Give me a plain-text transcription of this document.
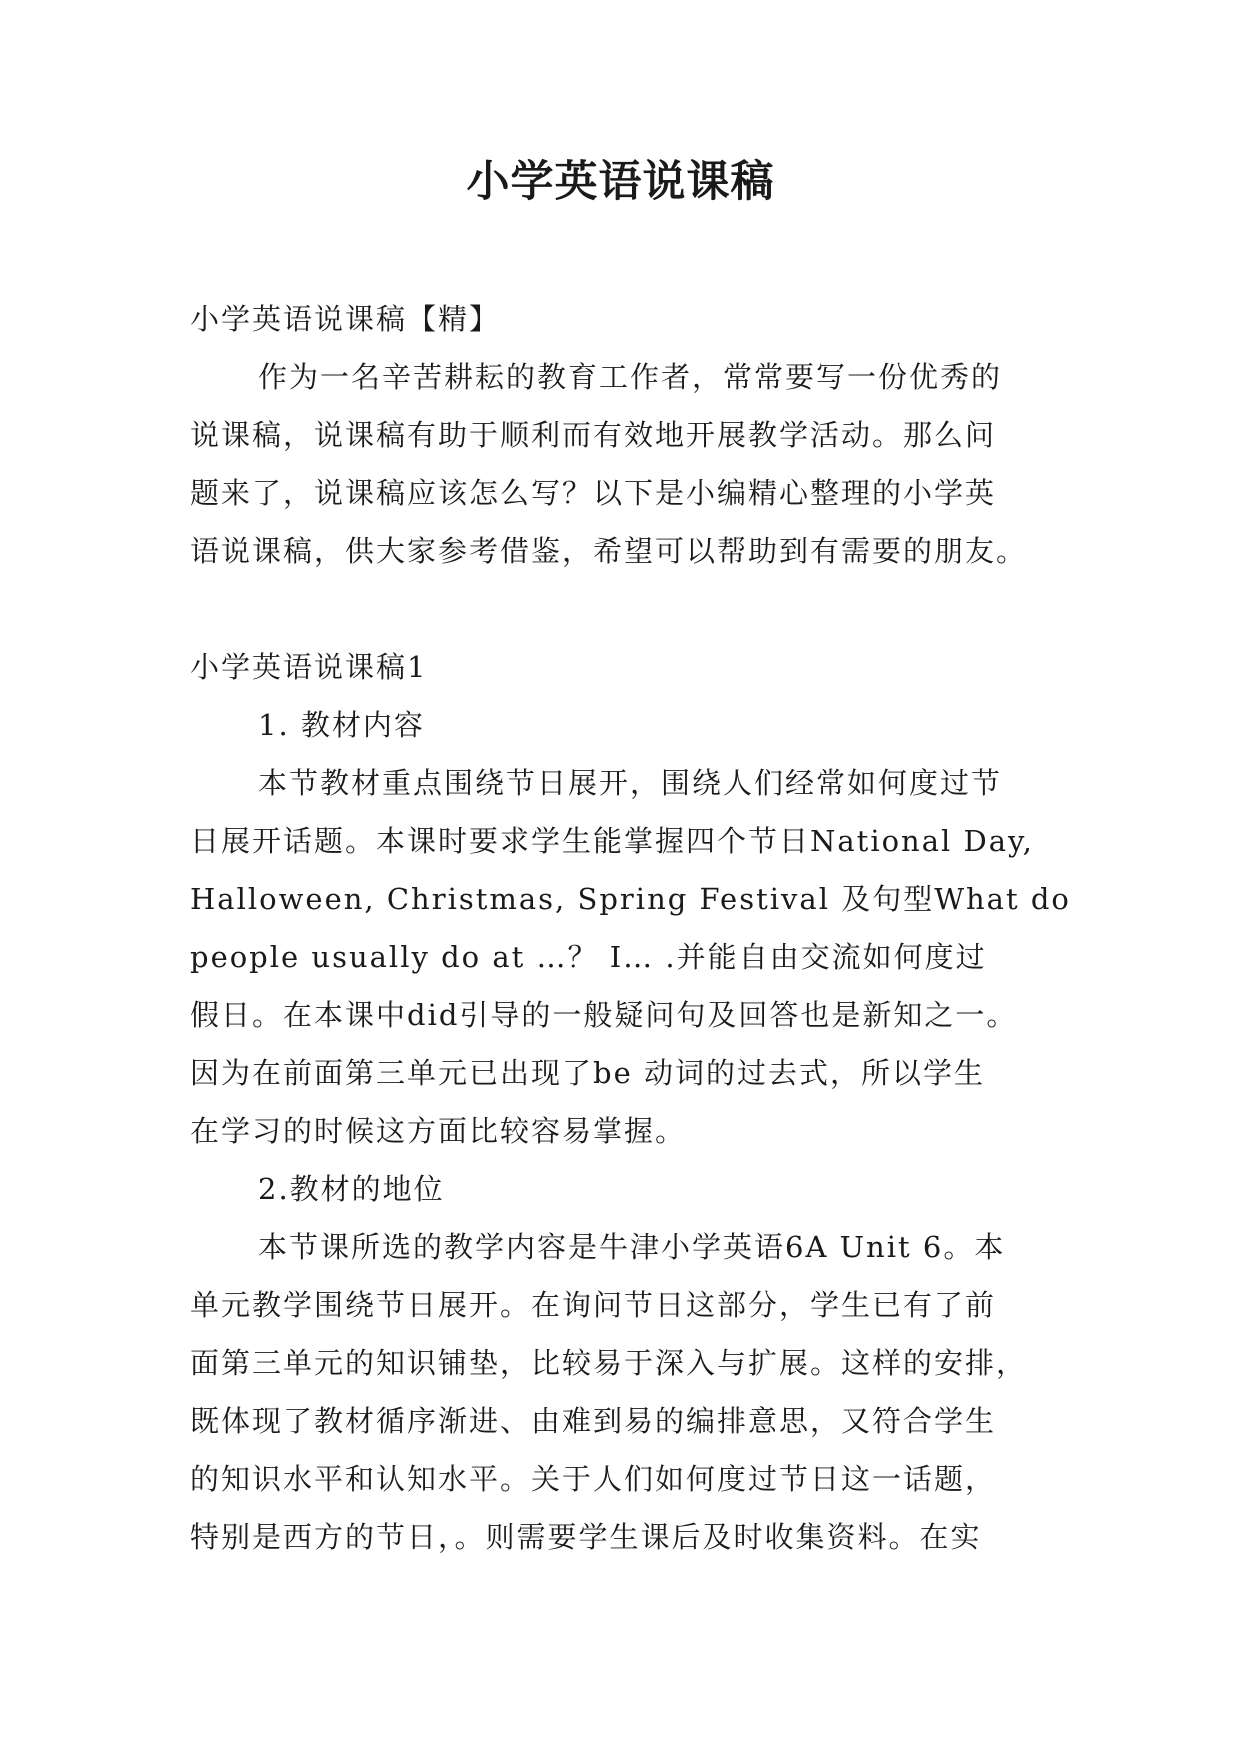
小学英语说课稿
小学英语说课稿【精】
作为一名辛苦耕耘的教育工作者，常常要写一份优秀的
说课稿，说课稿有助于顺利而有效地开展教学活动。那么问
题来了，说课稿应该怎么写？以下是小编精心整理的小学英
语说课稿，供大家参考借鉴，希望可以帮助到有需要的朋友。
小学英语说课稿1
1. 教材内容
本节教材重点围绕节日展开，围绕人们经常如何度过节
日展开话题。本课时要求学生能掌握四个节日National Day,
Halloween, Christmas, Spring Festival 及句型What do
people usually do at …？ I… .并能自由交流如何度过
假日。在本课中did引导的一般疑问句及回答也是新知之一。
因为在前面第三单元已出现了be 动词的过去式，所以学生
在学习的时候这方面比较容易掌握。
2.教材的地位
本节课所选的教学内容是牛津小学英语6A Unit 6。本
单元教学围绕节日展开。在询问节日这部分，学生已有了前
面第三单元的知识铺垫，比较易于深入与扩展。这样的安排，
既体现了教材循序渐进、由难到易的编排意思，又符合学生
的知识水平和认知水平。关于人们如何度过节日这一话题，
特别是西方的节日，。则需要学生课后及时收集资料。在实
